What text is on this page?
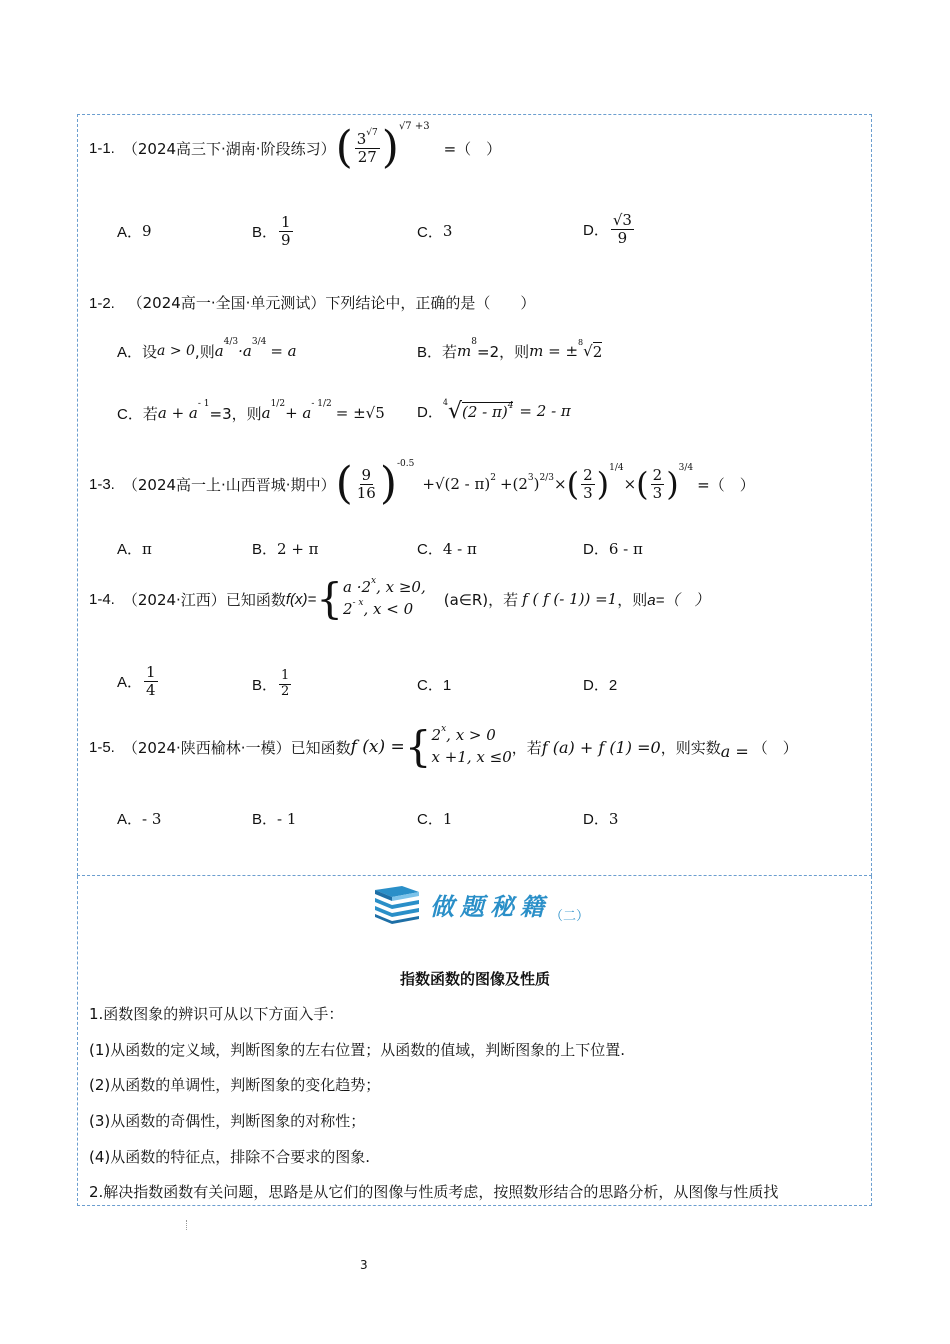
1-1. （2024高三下·湖南·阶段练习） ( $\frac{3^{√7}}{27}$ ) √7 +3
=（　）
A． 9	B． $\frac{1}{9}$	C． 3	D． $\frac{√3}{9}$
1-2. （2024高一·全国·单元测试）下列结论中，正确的是（　　）
A． 设 a > 0 ,则 a 4/3 ·a 3/4 = a	B． 若 m 8
=2，则 m = ± 8 √ 2
C． 若 a + a - 1
=3，则 a 1/2 + a - 1/2 = ±√5 D．
4 √ (2 - π)$^4$ = 2 - π
1-3. （2024高一上·山西晋城·期中） ( $\frac{9}{16}$ ) -0.5
$+√(2 - \pi)^2 +(2^3)^{2/3}$ × ( $\frac{2}{3}$ ) 1/4
× ( $\frac{2}{3}$ ) 3/4
=（　）
A．π	B．2 + π	C．4 - π	D．6 - π
1-4. （2024·江西） 已知函数 f(x)= { $a \cdot 2^x$, x ≥0,
$2^{- x}$, x < 0
(a∈R)，若 f ( f (- 1)) =1 ，则 a=（　）
A． $\frac{1}{4}$	B． $\frac{1}{2}$	C．1	D．2
1-5. （2024·陕西榆林·一模） 已知函数 f (x) = { 2$^x$, x > 0
x +1, x ≤0
，若 f (a) + f (1) =0 ，则实数 a = （　）
A．- 3	B．- 1	C．1	D．3
做题秘籍 （二）
指数函数的图像及性质
1.函数图象的辨识可从以下方面入手：
(1)从函数的定义域，判断图象的左右位置；从函数的值域，判断图象的上下位置.
(2)从函数的单调性，判断图象的变化趋势；
(3)从函数的奇偶性，判断图象的对称性；
(4)从函数的特征点，排除不合要求的图象.
2.解决指数函数有关问题，思路是从它们的图像与性质考虑，按照数形结合的思路分析，从图像与性质找
3
